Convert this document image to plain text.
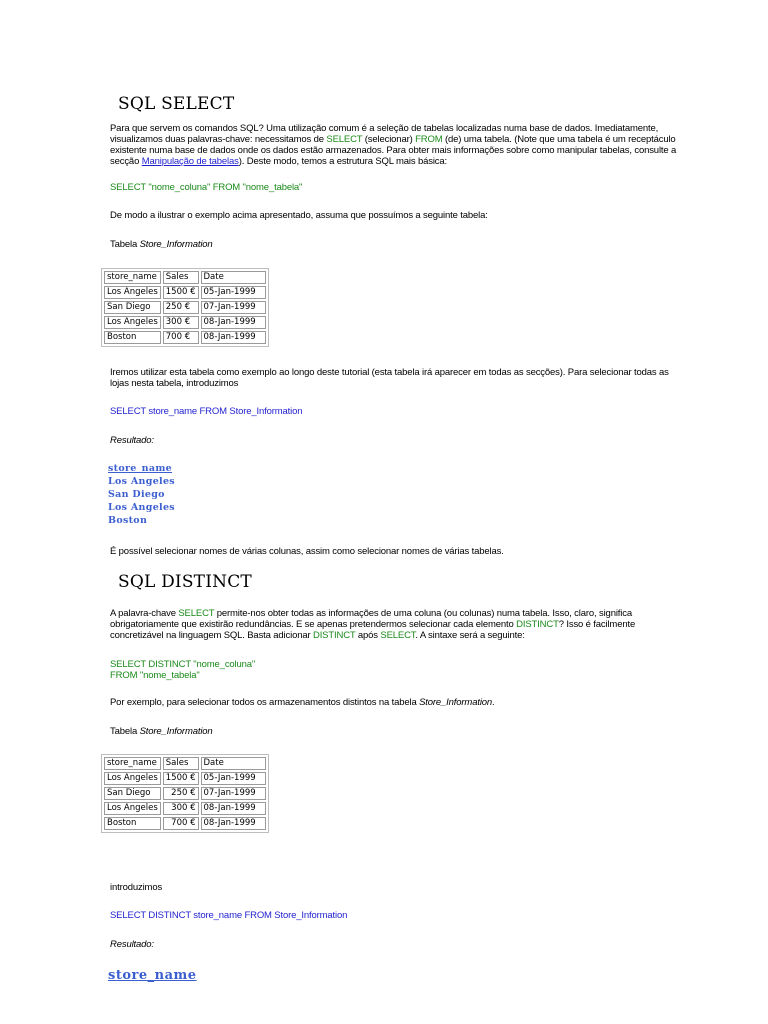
SQL SELECT
Para que servem os comandos SQL? Uma utilização comum é a seleção de tabelas localizadas numa base de dados. Imediatamente,
visualizamos duas palavras-chave: necessitamos de SELECT (selecionar) FROM (de) uma tabela. (Note que uma tabela é um receptáculo
existente numa base de dados onde os dados estão armazenados. Para obter mais informações sobre como manipular tabelas, consulte a
secção Manipulação de tabelas). Deste modo, temos a estrutura SQL mais básica:
SELECT "nome_coluna" FROM "nome_tabela"
De modo a ilustrar o exemplo acima apresentado, assuma que possuímos a seguinte tabela:
Tabela Store_Information
store_name	Sales	Date
Los Angeles	1500 €	05-Jan-1999
San Diego	250 €	07-Jan-1999
Los Angeles	300 €	08-Jan-1999
Boston	700 €	08-Jan-1999
Iremos utilizar esta tabela como exemplo ao longo deste tutorial (esta tabela irá aparecer em todas as secções). Para selecionar todas as
lojas nesta tabela, introduzimos
SELECT store_name FROM Store_Information
Resultado:
store_name
Los Angeles
San Diego
Los Angeles
Boston
É possível selecionar nomes de várias colunas, assim como selecionar nomes de várias tabelas.
SQL DISTINCT
A palavra-chave SELECT permite-nos obter todas as informações de uma coluna (ou colunas) numa tabela. Isso, claro, significa
obrigatoriamente que existirão redundâncias. E se apenas pretendermos selecionar cada elemento DISTINCT? Isso é facilmente
concretizável na linguagem SQL. Basta adicionar DISTINCT após SELECT. A sintaxe será a seguinte:
SELECT DISTINCT "nome_coluna"
FROM "nome_tabela"
Por exemplo, para selecionar todos os armazenamentos distintos na tabela Store_Information.
Tabela Store_Information
store_name	Sales	Date
Los Angeles	1500 €	05-Jan-1999
San Diego	250 €	07-Jan-1999
Los Angeles	300 €	08-Jan-1999
Boston	700 €	08-Jan-1999
introduzimos
SELECT DISTINCT store_name FROM Store_Information
Resultado:
store_name
